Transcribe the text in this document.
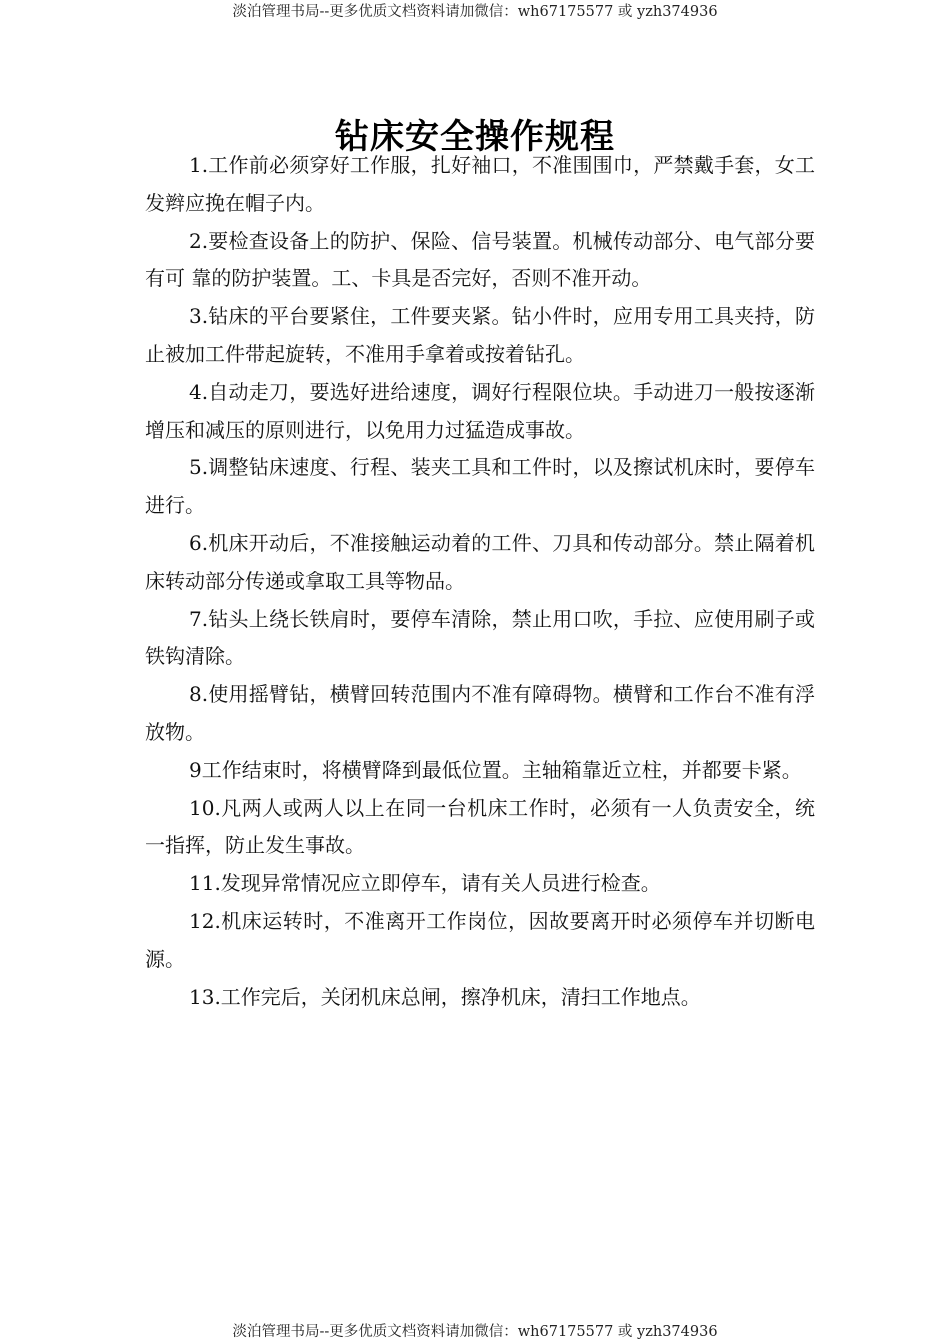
淡泊管理书局--更多优质文档资料请加微信：wh67175577 或 yzh374936
钻床安全操作规程

1.工作前必须穿好工作服，扎好袖口，不准围围巾，严禁戴手套，女工发辫应挽在帽子内。

2.要检查设备上的防护、保险、信号装置。机械传动部分、电气部分要有可 靠的防护装置。工、卡具是否完好，否则不准开动。

3.钻床的平台要紧住，工件要夹紧。钻小件时，应用专用工具夹持，防止被加工件带起旋转，不准用手拿着或按着钻孔。

4.自动走刀，要选好进给速度，调好行程限位块。手动进刀一般按逐渐增压和减压的原则进行，以免用力过猛造成事故。

5.调整钻床速度、行程、装夹工具和工件时，以及擦试机床时，要停车进行。

6.机床开动后，不准接触运动着的工件、刀具和传动部分。禁止隔着机床转动部分传递或拿取工具等物品。

7.钻头上绕长铁肩时，要停车清除，禁止用口吹，手拉、应使用刷子或铁钩清除。

8.使用摇臂钻，横臂回转范围内不准有障碍物。横臂和工作台不准有浮放物。

9工作结束时，将横臂降到最低位置。主轴箱靠近立柱，并都要卡紧。

10.凡两人或两人以上在同一台机床工作时，必须有一人负责安全，统一指挥，防止发生事故。

11.发现异常情况应立即停车，请有关人员进行检查。

12.机床运转时，不准离开工作岗位，因故要离开时必须停车并切断电源。

13.工作完后，关闭机床总闸，擦净机床，清扫工作地点。

淡泊管理书局--更多优质文档资料请加微信：wh67175577 或 yzh374936
